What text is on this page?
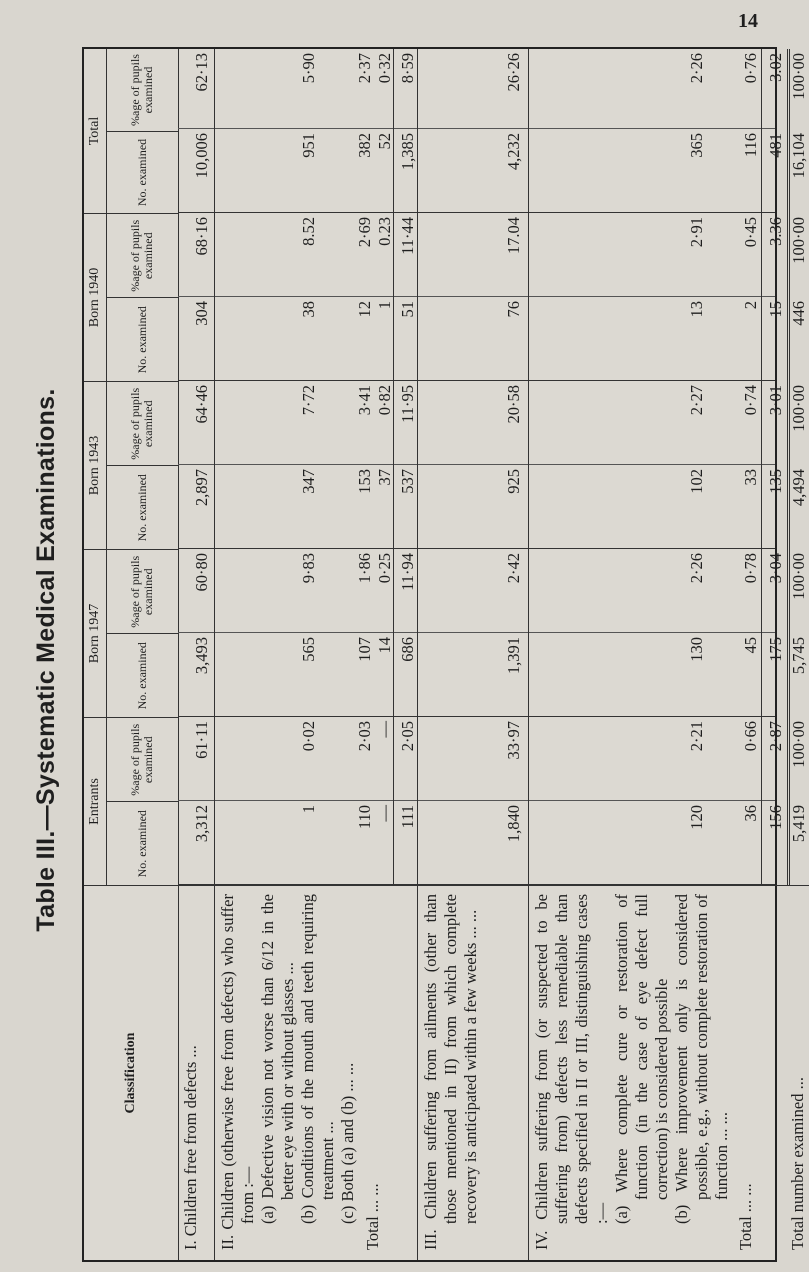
14
Table III.—Systematic Medical Examinations.
Classification
Entrants
No. examined
%age of pupils examined
Born 1947
No. examined
%age of pupils examined
Born 1943
No. examined
%age of pupils examined
Born 1940
No. examined
%age of pupils examined
Total
No. examined
%age of pupils examined

I. Children free from defects ...

3,312
61·11
3,493
60·80
2,897
64·46
304
68·16
10,006
62·13

II. Children (otherwise free from defects) who suffer from :— (a) Defective vision not worse than 6/12 in the better eye with or without glasses ... (b) Conditions of the mouth and teeth requiring treatment ... (c) Both (a) and (b) ... ... Total ... ...

1
0·02
565
9·83
347
7·72
38
8.52
951
5·90
110
2·03
107
1·86
153
3·41
12
2·69
382
2·37
—
—
14
0·25
37
0·82
1
0.23
52
0·32
111
2·05
686
11·94
537
11·95
51
11·44
1,385
8·59

III. Children suffering from ailments (other than those mentioned in II) from which complete recovery is anticipated within a few weeks ... ...

1,840
33·97
1,391
2·42
925
20·58
76
17.04
4,232
26·26

IV. Children suffering from (or suspected to be suffering from) defects less remediable than defects specified in II or III, distinguishing cases :— (a) Where complete cure or restoration of function (in the case of eye defect full correction) is considered possible (b) Where improvement only is considered possible, e.g., without complete restoration of function ... ...

Total ... ...

120
2·21
130
2·26
102
2·27
13
2·91
365
2·26
36
0·66
45
0·78
33
0·74
2
0·45
116
0·76
156
2·87
175
3·04
135
3·01
15
3.36
481
3.02

Total number examined ...

5,419
100·00
5,745
100·00
4,494
100·00
446
100·00
16,104
100·00
